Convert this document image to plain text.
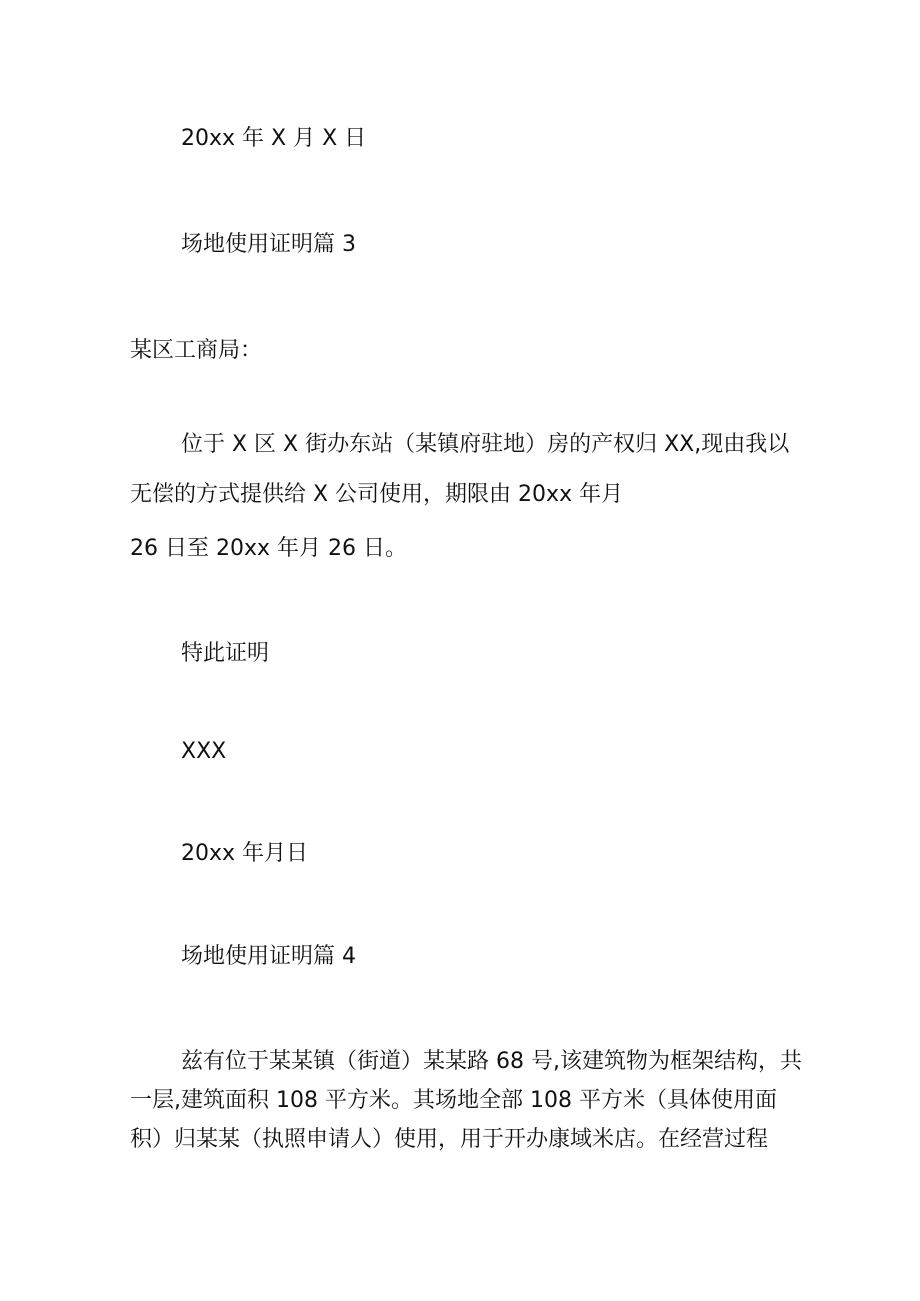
20xx 年 X 月 X 日
场地使用证明篇 3
某区工商局：
位于 X 区 X 街办东站（某镇府驻地）房的产权归 XX,现由我以
无偿的方式提供给 X 公司使用，期限由 20xx 年月
26 日至 20xx 年月 26 日。
特此证明
XXX
20xx 年月日
场地使用证明篇 4
兹有位于某某镇（街道）某某路 68 号,该建筑物为框架结构，共
一层,建筑面积 108 平方米。其场地全部 108 平方米（具体使用面
积）归某某（执照申请人）使用，用于开办康域米店。在经营过程
